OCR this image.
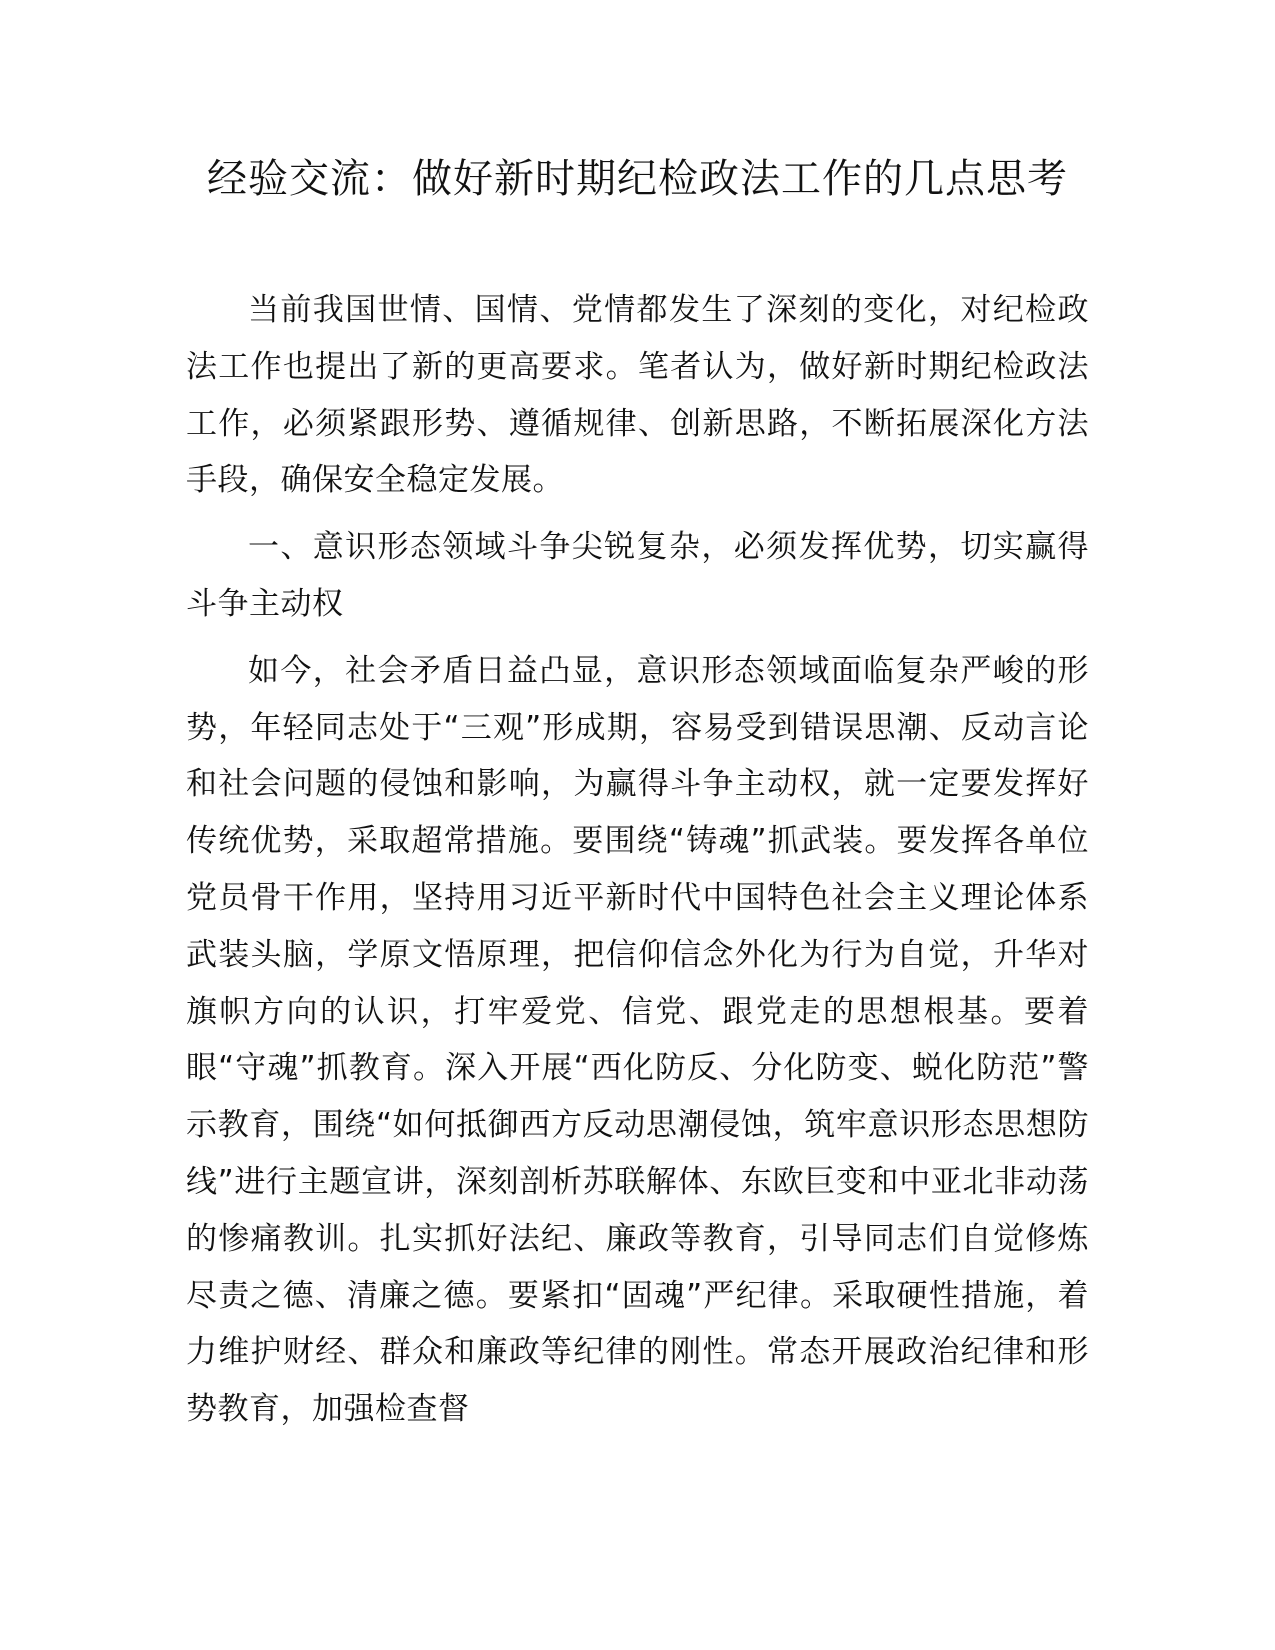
经验交流：做好新时期纪检政法工作的几点思考

当前我国世情、国情、党情都发生了深刻的变化，对纪检政法工作也提出了新的更高要求。笔者认为，做好新时期纪检政法工作，必须紧跟形势、遵循规律、创新思路，不断拓展深化方法手段，确保安全稳定发展。

一、意识形态领域斗争尖锐复杂，必须发挥优势，切实赢得斗争主动权

如今，社会矛盾日益凸显，意识形态领域面临复杂严峻的形势，年轻同志处于“三观”形成期，容易受到错误思潮、反动言论和社会问题的侵蚀和影响，为赢得斗争主动权，就一定要发挥好传统优势，采取超常措施。要围绕“铸魂”抓武装。要发挥各单位党员骨干作用，坚持用习近平新时代中国特色社会主义理论体系武装头脑，学原文悟原理，把信仰信念外化为行为自觉，升华对旗帜方向的认识，打牢爱党、信党、跟党走的思想根基。要着眼“守魂”抓教育。深入开展“西化防反、分化防变、蜕化防范”警示教育，围绕“如何抵御西方反动思潮侵蚀，筑牢意识形态思想防线”进行主题宣讲，深刻剖析苏联解体、东欧巨变和中亚北非动荡的惨痛教训。扎实抓好法纪、廉政等教育，引导同志们自觉修炼尽责之德、清廉之德。要紧扣“固魂”严纪律。采取硬性措施，着力维护财经、群众和廉政等纪律的刚性。常态开展政治纪律和形势教育，加强检查督
